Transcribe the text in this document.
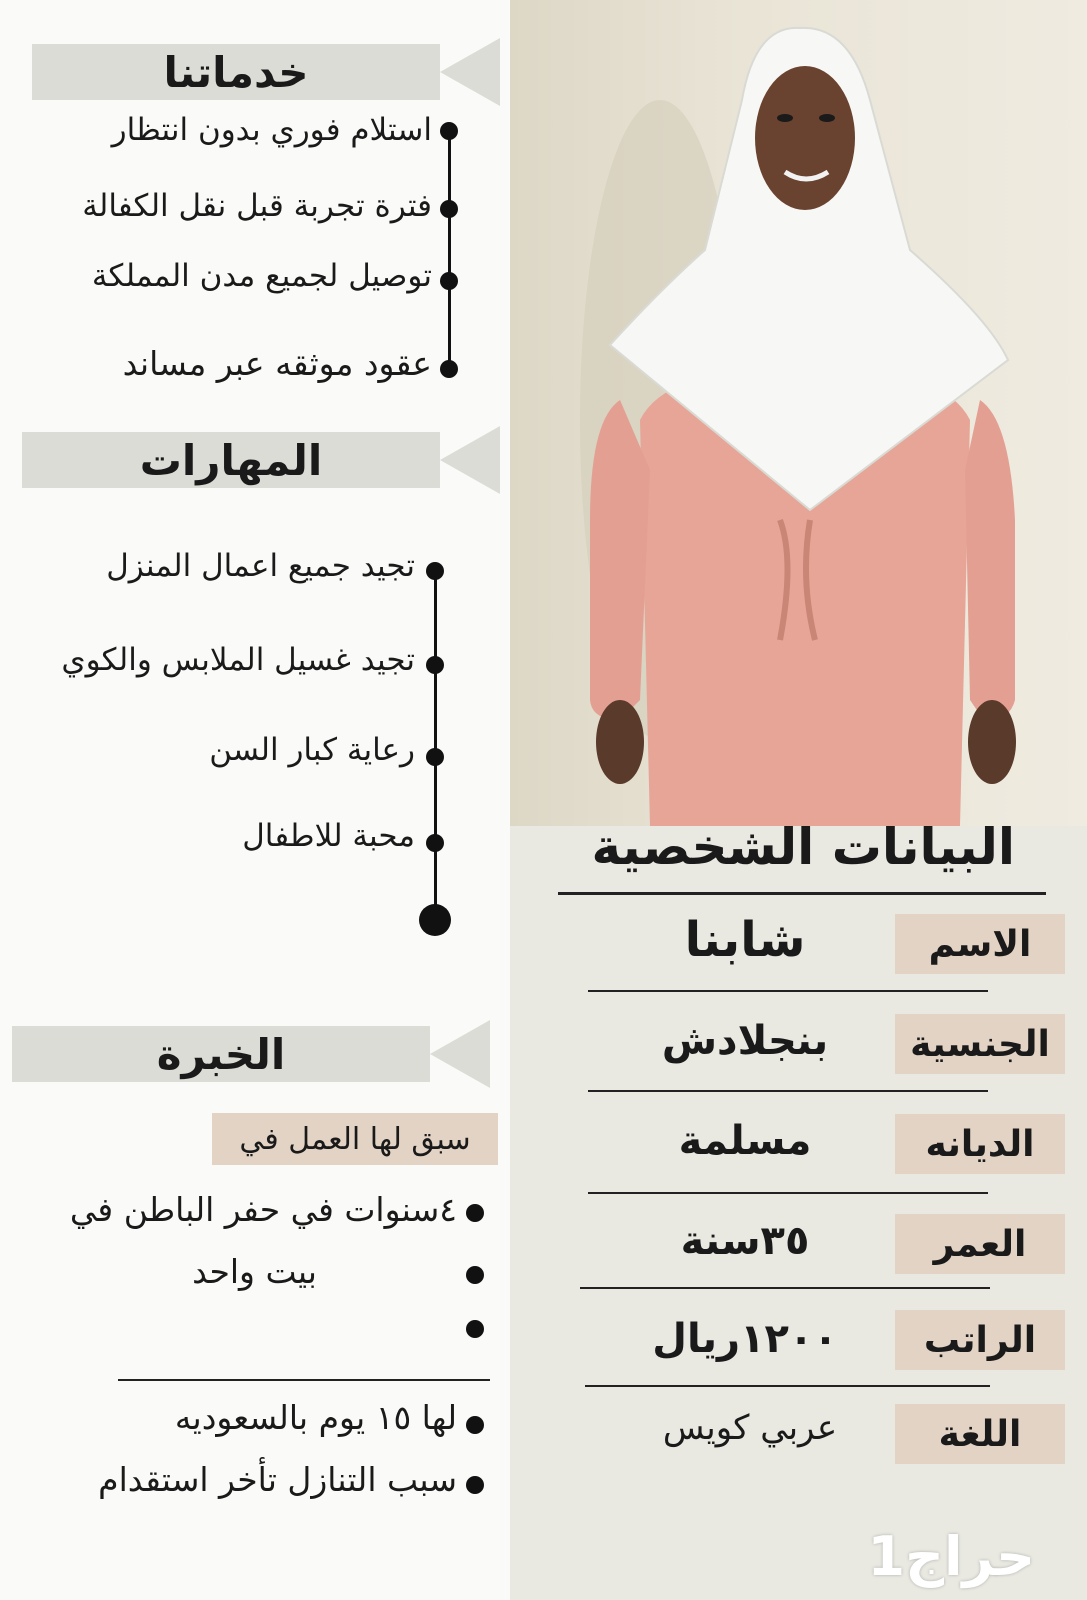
خدماتنا
استلام فوري بدون انتظار
فترة تجربة قبل نقل الكفالة
توصيل لجميع مدن المملكة
عقود موثقه عبر مساند
المهارات
تجيد جميع اعمال المنزل
تجيد غسيل الملابس والكوي
رعاية كبار السن
محبة للاطفال
الخبرة
سبق لها العمل في
٤سنوات في حفر الباطن في
بيت واحد
لها ١٥ يوم بالسعوديه
سبب التنازل تأخر استقدام
البيانات الشخصية
الاسم
شابنا
الجنسية
بنجلادش
الديانه
مسلمة
العمر
٣٥سنة
الراتب
١٢٠٠ريال
اللغة
عربي كويس
حراج1
